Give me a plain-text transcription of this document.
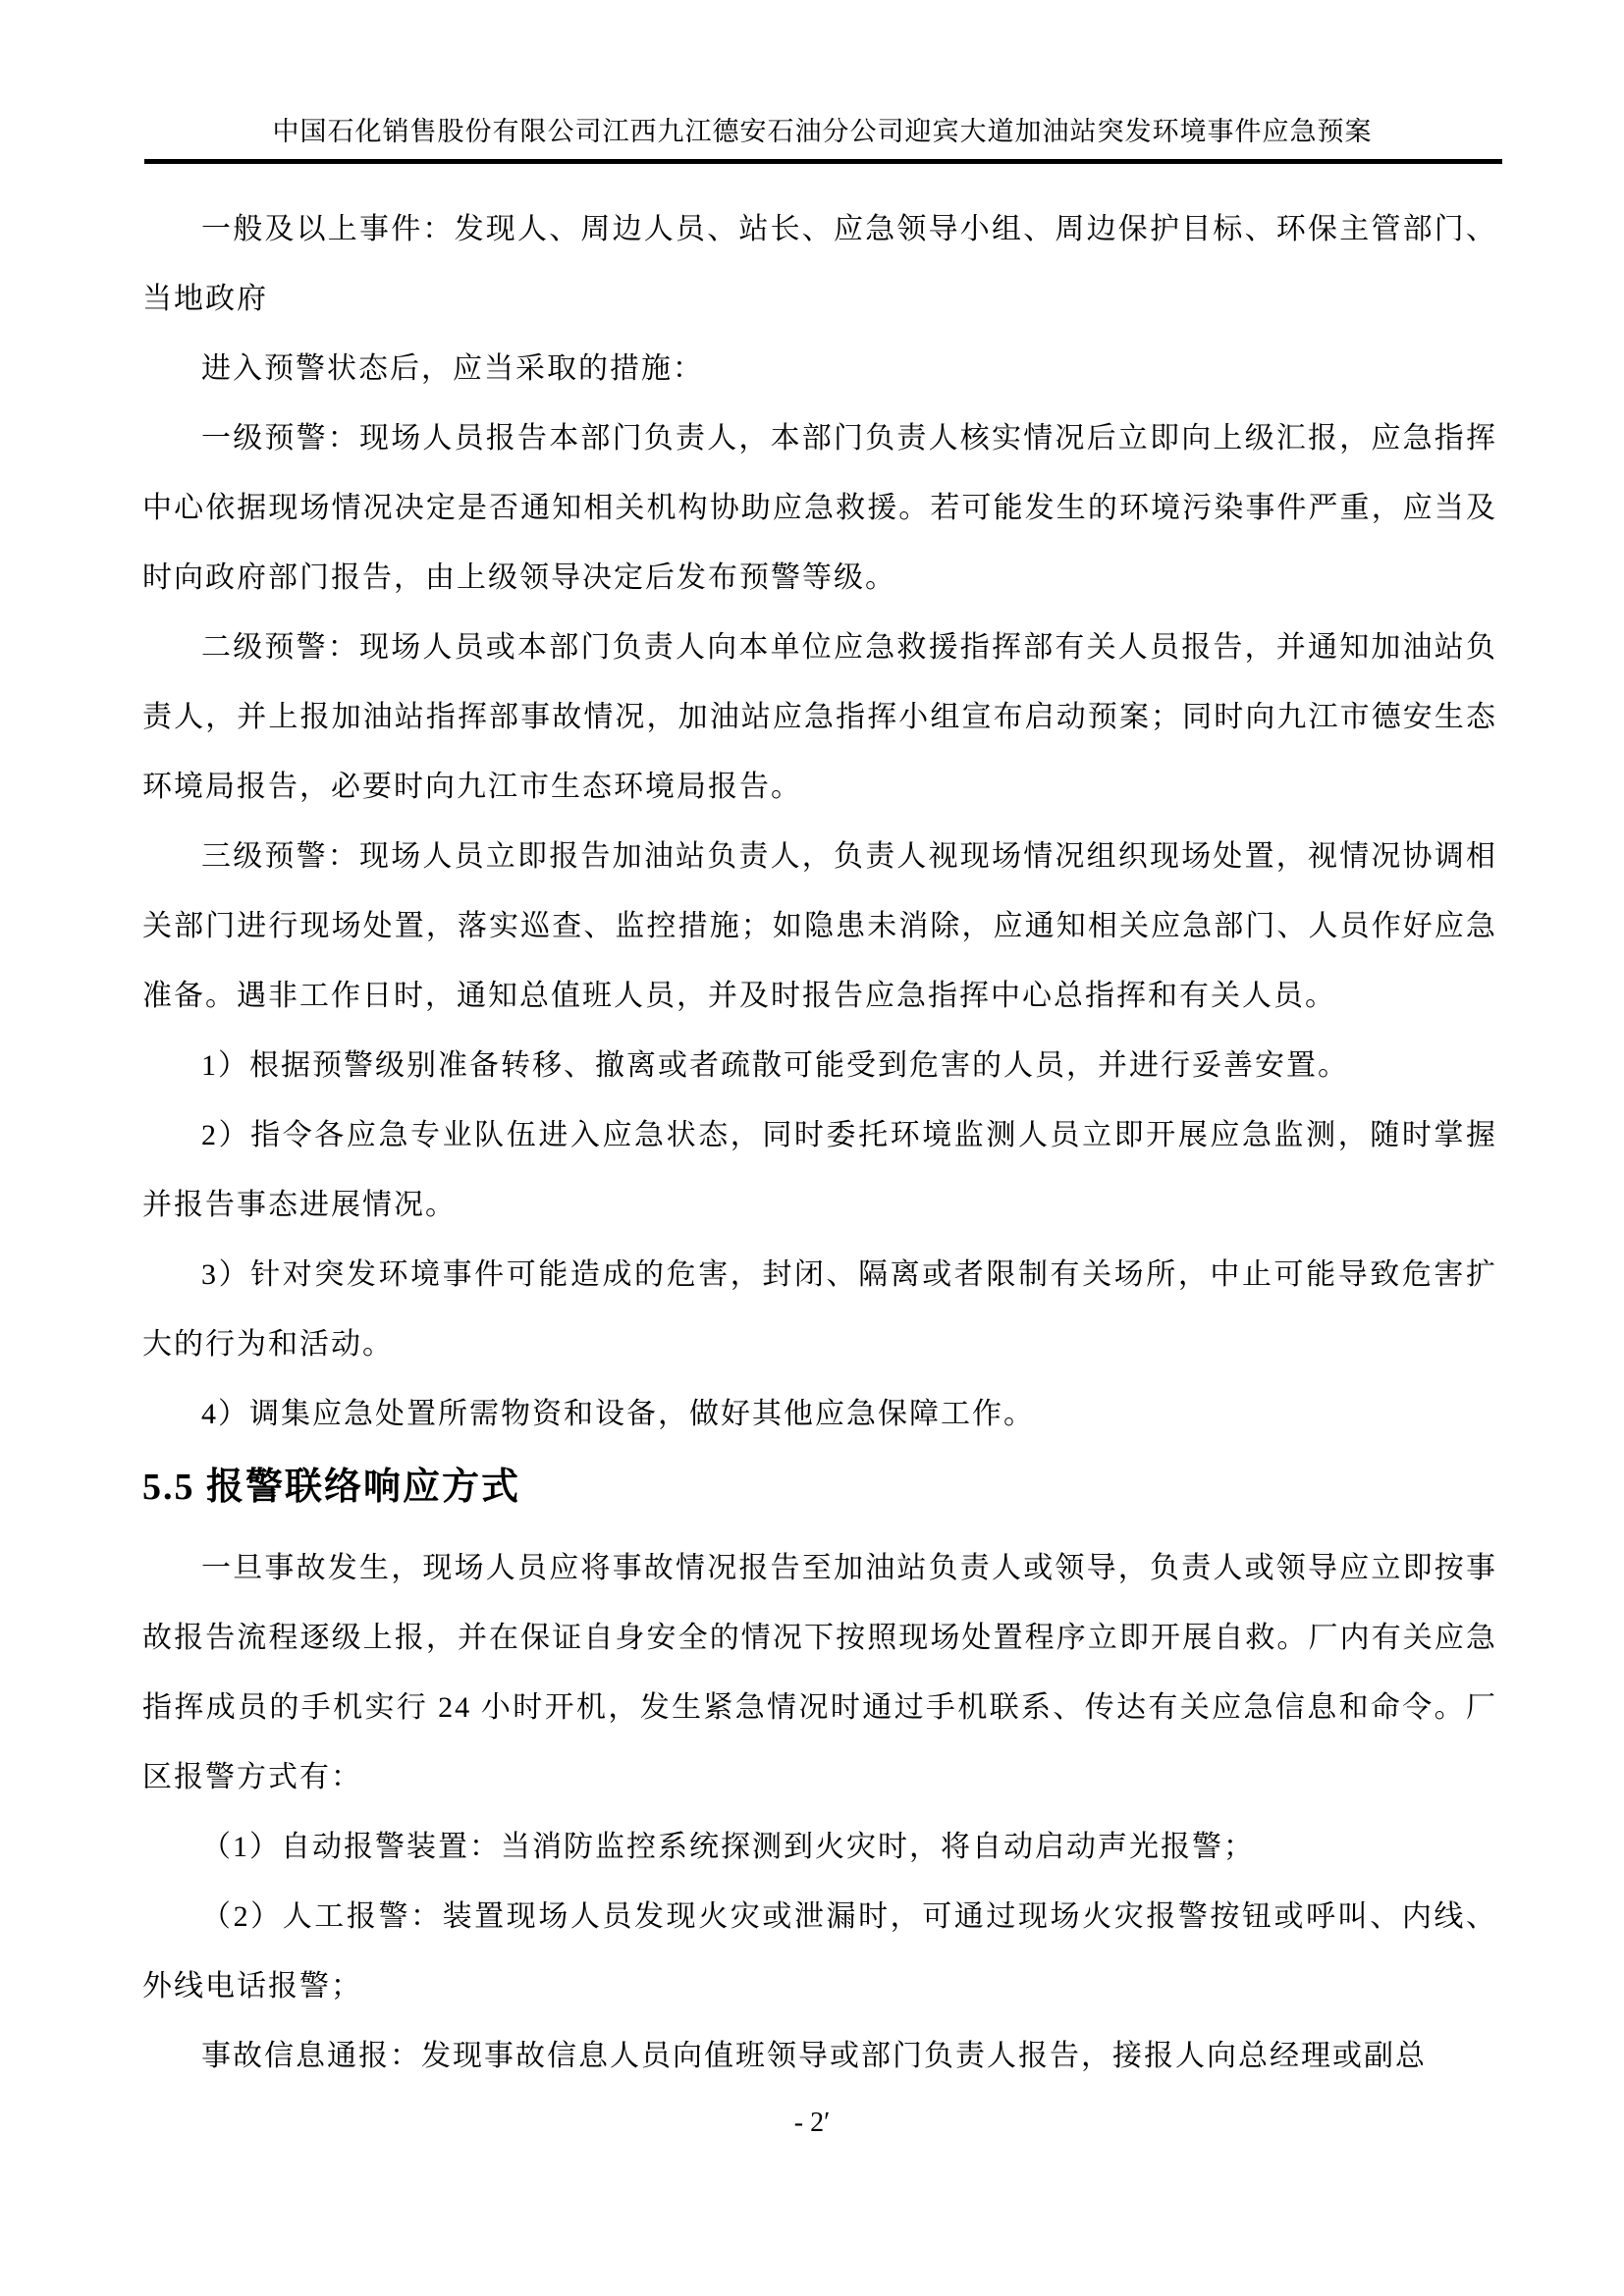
中国石化销售股份有限公司江西九江德安石油分公司迎宾大道加油站突发环境事件应急预案

一般及以上事件：发现人、周边人员、站长、应急领导小组、周边保护目标、环保主管部门、当地政府

进入预警状态后，应当采取的措施：

一级预警：现场人员报告本部门负责人，本部门负责人核实情况后立即向上级汇报，应急指挥中心依据现场情况决定是否通知相关机构协助应急救援。若可能发生的环境污染事件严重，应当及时向政府部门报告，由上级领导决定后发布预警等级。

二级预警：现场人员或本部门负责人向本单位应急救援指挥部有关人员报告，并通知加油站负责人，并上报加油站指挥部事故情况，加油站应急指挥小组宣布启动预案；同时向九江市德安生态环境局报告，必要时向九江市生态环境局报告。

三级预警：现场人员立即报告加油站负责人，负责人视现场情况组织现场处置，视情况协调相关部门进行现场处置，落实巡查、监控措施；如隐患未消除，应通知相关应急部门、人员作好应急准备。遇非工作日时，通知总值班人员，并及时报告应急指挥中心总指挥和有关人员。

1）根据预警级别准备转移、撤离或者疏散可能受到危害的人员，并进行妥善安置。

2）指令各应急专业队伍进入应急状态，同时委托环境监测人员立即开展应急监测，随时掌握并报告事态进展情况。

3）针对突发环境事件可能造成的危害，封闭、隔离或者限制有关场所，中止可能导致危害扩大的行为和活动。

4）调集应急处置所需物资和设备，做好其他应急保障工作。

5.5 报警联络响应方式

一旦事故发生，现场人员应将事故情况报告至加油站负责人或领导，负责人或领导应立即按事故报告流程逐级上报，并在保证自身安全的情况下按照现场处置程序立即开展自救。厂内有关应急指挥成员的手机实行 24 小时开机，发生紧急情况时通过手机联系、传达有关应急信息和命令。厂区报警方式有：

（1）自动报警装置：当消防监控系统探测到火灾时，将自动启动声光报警；

（2）人工报警：装置现场人员发现火灾或泄漏时，可通过现场火灾报警按钮或呼叫、内线、外线电话报警；

事故信息通报：发现事故信息人员向值班领导或部门负责人报告，接报人向总经理或副总

- 2′
